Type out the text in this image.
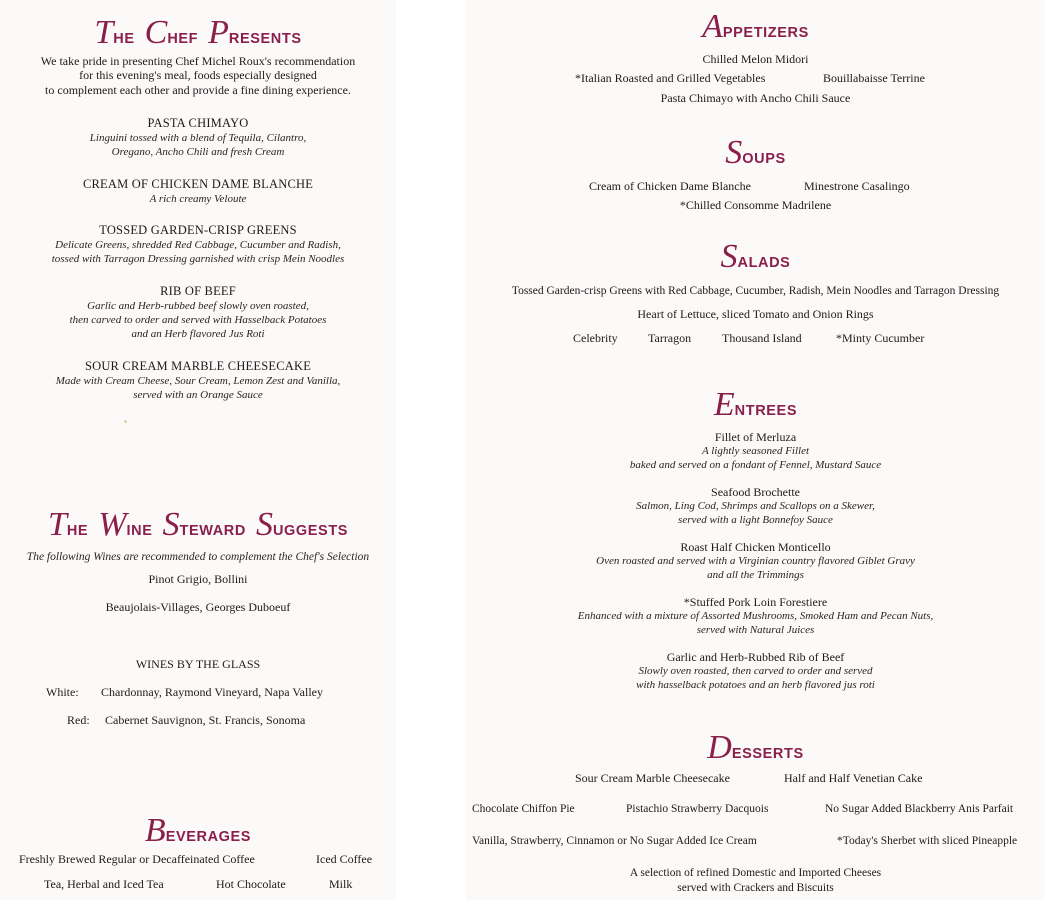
THE CHEF PRESENTS
We take pride in presenting Chef Michel Roux's recommendation
for this evening's meal, foods especially designed
to complement each other and provide a fine dining experience.
PASTA CHIMAYO
Linguini tossed with a blend of Tequila, Cilantro,
Oregano, Ancho Chili and fresh Cream
CREAM OF CHICKEN DAME BLANCHE
A rich creamy Veloute
TOSSED GARDEN-CRISP GREENS
Delicate Greens, shredded Red Cabbage, Cucumber and Radish,
tossed with Tarragon Dressing garnished with crisp Mein Noodles
RIB OF BEEF
Garlic and Herb-rubbed beef slowly oven roasted,
then carved to order and served with Hasselback Potatoes
and an Herb flavored Jus Roti
SOUR CREAM MARBLE CHEESECAKE
Made with Cream Cheese, Sour Cream, Lemon Zest and Vanilla,
served with an Orange Sauce
THE WINE STEWARD SUGGESTS
The following Wines are recommended to complement the Chef's Selection
Pinot Grigio, Bollini
Beaujolais-Villages, Georges Duboeuf
WINES BY THE GLASS
White: Chardonnay, Raymond Vineyard, Napa Valley
Red: Cabernet Sauvignon, St. Francis, Sonoma
BEVERAGES
Freshly Brewed Regular or Decaffeinated Coffee	Iced Coffee
Tea, Herbal and Iced Tea	Hot Chocolate	Milk
APPETIZERS
Chilled Melon Midori
*Italian Roasted and Grilled Vegetables	Bouillabaisse Terrine
Pasta Chimayo with Ancho Chili Sauce
SOUPS
Cream of Chicken Dame Blanche	Minestrone Casalingo
*Chilled Consomme Madrilene
SALADS
Tossed Garden-crisp Greens with Red Cabbage, Cucumber, Radish, Mein Noodles and Tarragon Dressing
Heart of Lettuce, sliced Tomato and Onion Rings
Celebrity	Tarragon	Thousand Island	*Minty Cucumber
ENTREES
Fillet of Merluza
A lightly seasoned Fillet
baked and served on a fondant of Fennel, Mustard Sauce
Seafood Brochette
Salmon, Ling Cod, Shrimps and Scallops on a Skewer,
served with a light Bonnefoy Sauce
Roast Half Chicken Monticello
Oven roasted and served with a Virginian country flavored Giblet Gravy
and all the Trimmings
*Stuffed Pork Loin Forestiere
Enhanced with a mixture of Assorted Mushrooms, Smoked Ham and Pecan Nuts,
served with Natural Juices
Garlic and Herb-Rubbed Rib of Beef
Slowly oven roasted, then carved to order and served
with hasselback potatoes and an herb flavored jus roti
DESSERTS
Sour Cream Marble Cheesecake	Half and Half Venetian Cake
Chocolate Chiffon Pie	Pistachio Strawberry Dacquois	No Sugar Added Blackberry Anis Parfait
Vanilla, Strawberry, Cinnamon or No Sugar Added Ice Cream	*Today's Sherbet with sliced Pineapple
A selection of refined Domestic and Imported Cheeses
served with Crackers and Biscuits
